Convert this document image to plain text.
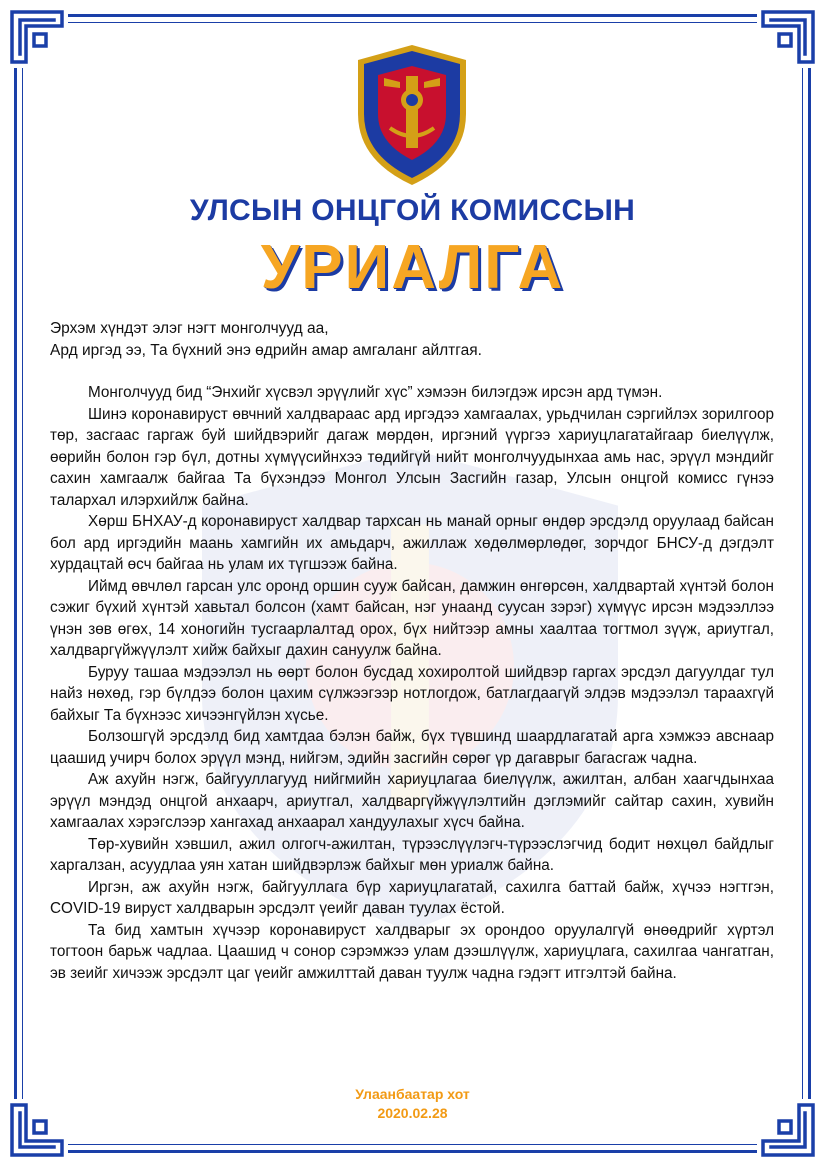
УЛСЫН ОНЦГОЙ КОМИССЫН
УРИАЛГА
Эрхэм хүндэт элэг нэгт монголчууд аа,
Ард иргэд ээ, Та бүхний энэ өдрийн амар амгаланг айлтгая.

Монголчууд бид “Энхийг хүсвэл эрүүлийг хүс” хэмээн билэгдэж ирсэн ард түмэн.

Шинэ коронавируст өвчний халдвараас ард иргэдээ хамгаалах, урьдчилан сэргийлэх зорилгоор төр, засгаас гаргаж буй шийдвэрийг дагаж мөрдөн, иргэний үүргээ хариуцлагатайгаар биелүүлж, өөрийн болон гэр бүл, дотны хүмүүсийнхээ төдийгүй нийт монголчуудынхаа амь нас, эрүүл мэндийг сахин хамгаалж байгаа Та бүхэндээ Монгол Улсын Засгийн газар, Улсын онцгой комисс гүнээ талархал илэрхийлж байна.

Хөрш БНХАУ-д коронавируст халдвар тархсан нь манай орныг өндөр эрсдэлд оруулаад байсан бол ард иргэдийн маань хамгийн их амьдарч, ажиллаж хөдөлмөрлөдөг, зорчдог БНСУ-д дэгдэлт хурдацтай өсч байгаа нь улам их түгшээж байна.

Иймд өвчлөл гарсан улс оронд оршин сууж байсан, дамжин өнгөрсөн, халдвартай хүнтэй болон сэжиг бүхий хүнтэй хавьтал болсон (хамт байсан, нэг унаанд суусан зэрэг) хүмүүс ирсэн мэдээллээ үнэн зөв өгөх, 14 хоногийн тусгаарлалтад орох, бүх нийтээр амны хаалтаа тогтмол зүүж, ариутгал, халдваргүйжүүлэлт хийж байхыг дахин сануулж байна.

Буруу ташаа мэдээлэл нь өөрт болон бусдад хохиролтой шийдвэр гаргах эрсдэл дагуулдаг тул найз нөхөд, гэр бүлдээ болон цахим сүлжээгээр нотлогдож, батлагдаагүй элдэв мэдээлэл тараахгүй байхыг Та бүхнээс хичээнгүйлэн хүсье.

Болзошгүй эрсдэлд бид хамтдаа бэлэн байж, бүх түвшинд шаардлагатай арга хэмжээ авснаар цаашид учирч болох эрүүл мэнд, нийгэм, эдийн засгийн сөрөг үр дагаврыг багасгаж чадна.

Аж ахуйн нэгж, байгууллагууд нийгмийн хариуцлагаа биелүүлж, ажилтан, албан хаагчдынхаа эрүүл мэндэд онцгой анхаарч, ариутгал, халдваргүйжүүлэлтийн дэглэмийг сайтар сахин, хувийн хамгаалах хэрэгслээр хангахад анхаарал хандуулахыг хүсч байна.

Төр-хувийн хэвшил, ажил олгогч-ажилтан, түрээслүүлэгч-түрээслэгчид бодит нөхцөл байдлыг харгалзан, асуудлаа уян хатан шийдвэрлэж байхыг мөн уриалж байна.

Иргэн, аж ахуйн нэгж, байгууллага бүр хариуцлагатай, сахилга баттай байж, хүчээ нэгтгэн, COVID-19 вируст халдварын эрсдэлт үеийг даван туулах ёстой.

Та бид хамтын хүчээр коронавируст халдварыг эх орондоо оруулалгүй өнөөдрийг хүртэл тогтоон барьж чадлаа. Цаашид ч сонор сэрэмжээ улам дээшлүүлж, хариуцлага, сахилгаа чангатган, эв зеийг хичээж эрсдэлт цаг үеийг амжилттай даван туулж чадна гэдэгт итгэлтэй байна.

Улаанбаатар хот
2020.02.28
